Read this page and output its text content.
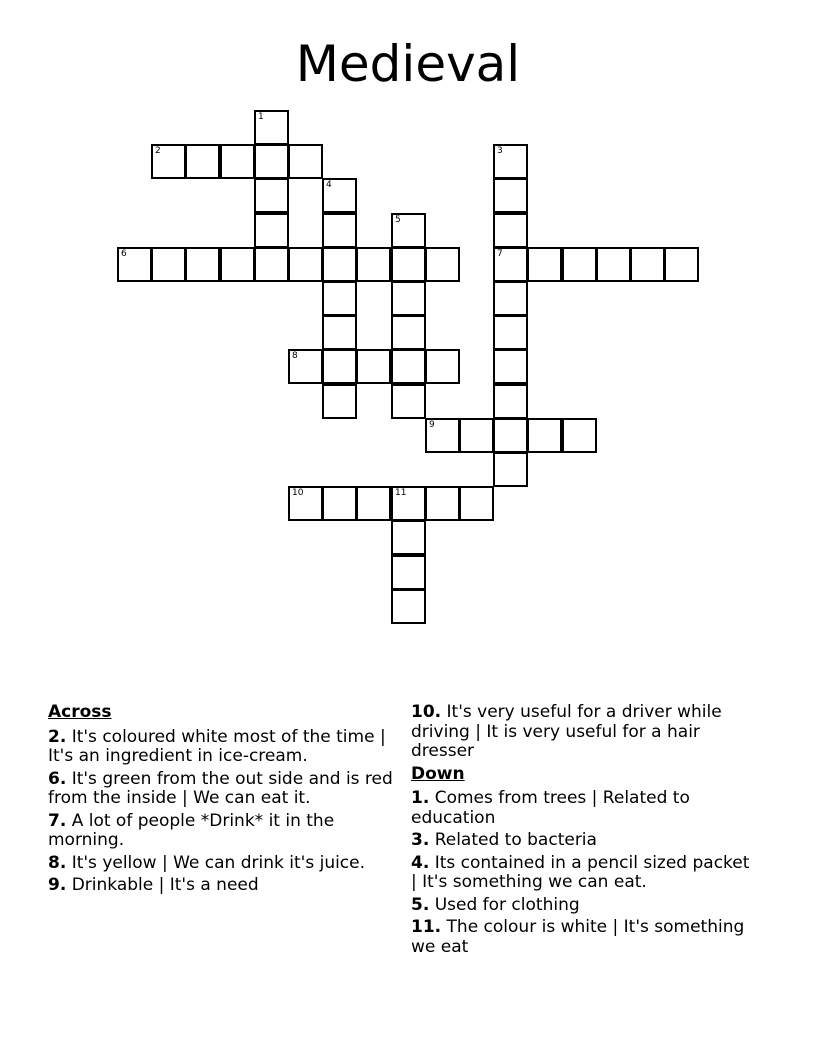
Medieval
1
2	3
7
4
5
6
8
9
10	11
Across
2. It's coloured white most of the time | It's an ingredient in ice-cream.
6. It's green from the out side and is red from the inside | We can eat it.
7. A lot of people *Drink* it in the morning.
8. It's yellow | We can drink it's juice.
9. Drinkable | It's a need
10. It's very useful for a driver while driving | It is very useful for a hair dresser
Down
1. Comes from trees | Related to education
3. Related to bacteria
4. Its contained in a pencil sized packet | It's something we can eat.
5. Used for clothing
11. The colour is white | It's something we eat
